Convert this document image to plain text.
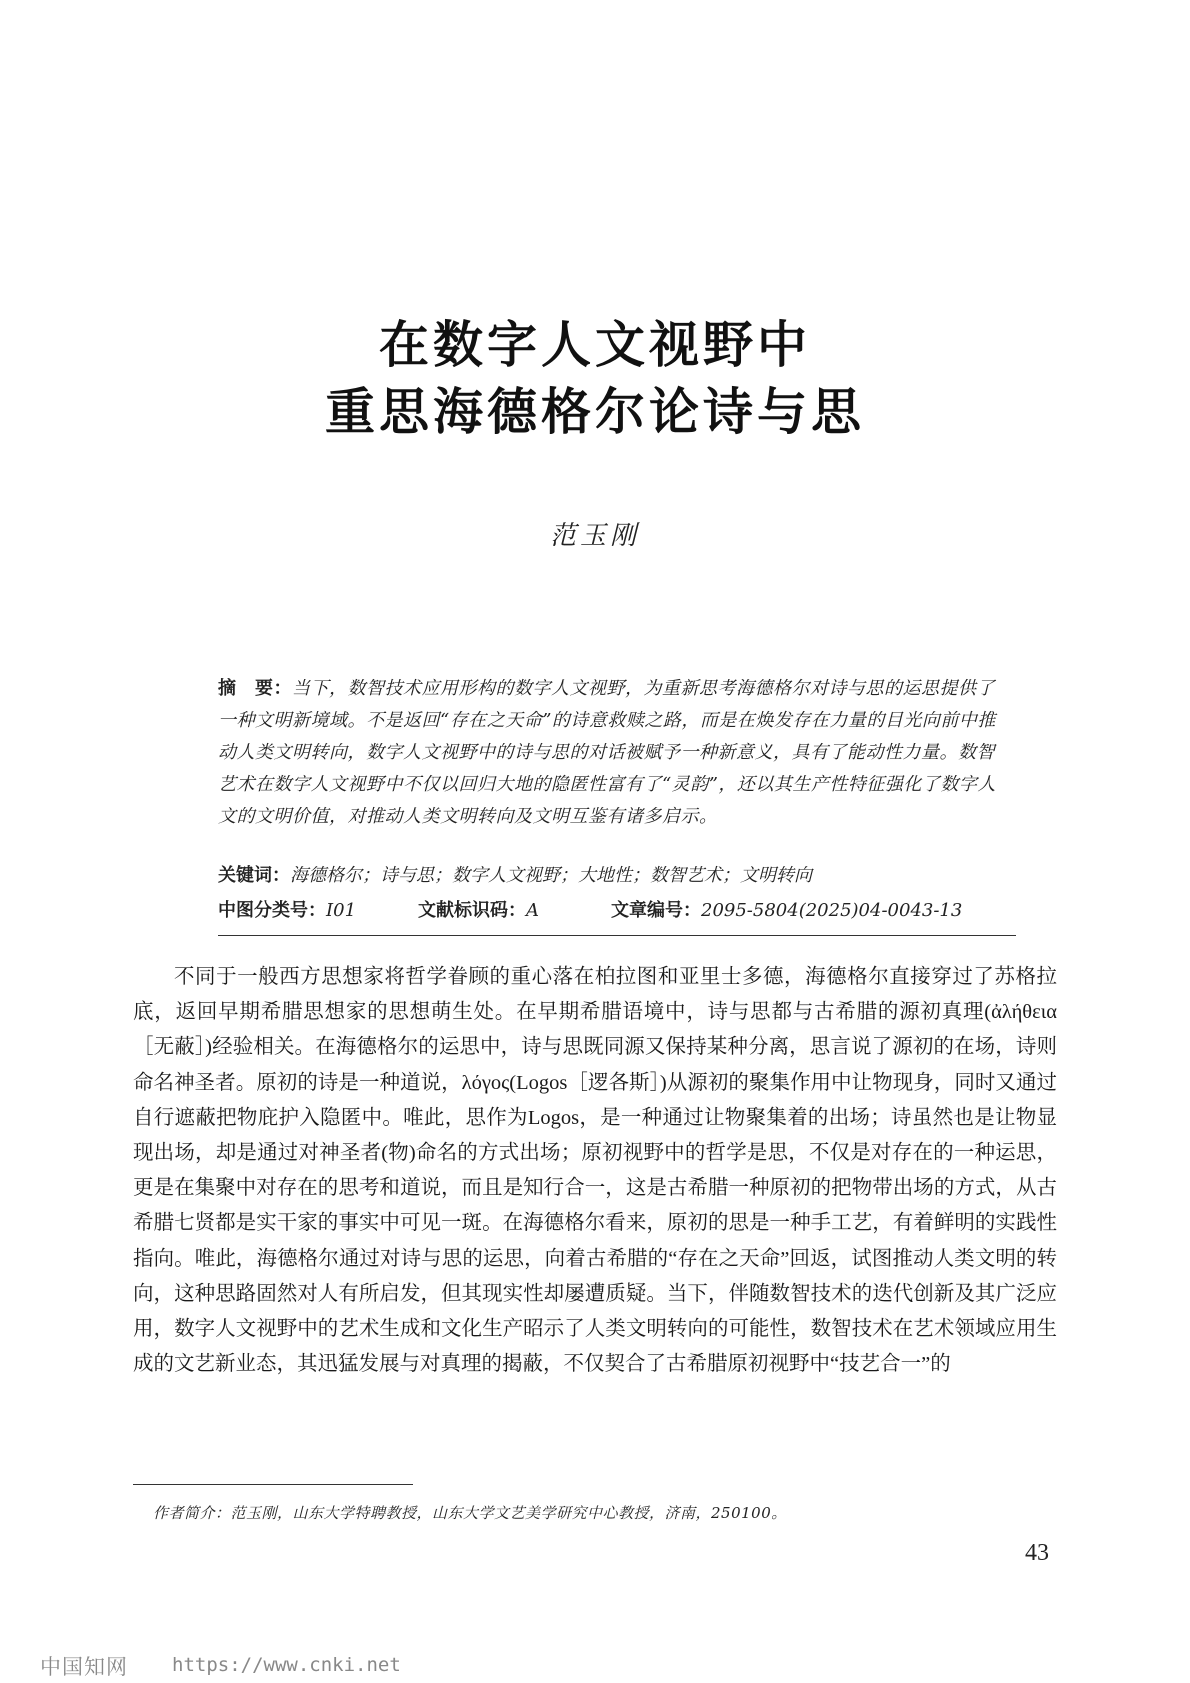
在数字人文视野中
重思海德格尔论诗与思
范玉刚
摘　要：当下，数智技术应用形构的数字人文视野，为重新思考海德格尔对诗与思的运思提供了一种文明新境域。不是返回“存在之天命”的诗意救赎之路，而是在焕发存在力量的目光向前中推动人类文明转向，数字人文视野中的诗与思的对话被赋予一种新意义，具有了能动性力量。数智艺术在数字人文视野中不仅以回归大地的隐匿性富有了“灵韵”，还以其生产性特征强化了数字人文的文明价值，对推动人类文明转向及文明互鉴有诸多启示。
关键词：海德格尔；诗与思；数字人文视野；大地性；数智艺术；文明转向
中图分类号：I01	文献标识码：A	文章编号：2095-5804(2025)04-0043-13
不同于一般西方思想家将哲学眷顾的重心落在柏拉图和亚里士多德，海德格尔直接穿过了苏格拉底，返回早期希腊思想家的思想萌生处。在早期希腊语境中，诗与思都与古希腊的源初真理(ἀλήθεια［无蔽］)经验相关。在海德格尔的运思中，诗与思既同源又保持某种分离，思言说了源初的在场，诗则命名神圣者。原初的诗是一种道说，λόγος(Logos［逻各斯］)从源初的聚集作用中让物现身，同时又通过自行遮蔽把物庇护入隐匿中。唯此，思作为Logos，是一种通过让物聚集着的出场；诗虽然也是让物显现出场，却是通过对神圣者(物)命名的方式出场；原初视野中的哲学是思，不仅是对存在的一种运思，更是在集聚中对存在的思考和道说，而且是知行合一，这是古希腊一种原初的把物带出场的方式，从古希腊七贤都是实干家的事实中可见一斑。在海德格尔看来，原初的思是一种手工艺，有着鲜明的实践性指向。唯此，海德格尔通过对诗与思的运思，向着古希腊的“存在之天命”回返，试图推动人类文明的转向，这种思路固然对人有所启发，但其现实性却屡遭质疑。当下，伴随数智技术的迭代创新及其广泛应用，数字人文视野中的艺术生成和文化生产昭示了人类文明转向的可能性，数智技术在艺术领域应用生成的文艺新业态，其迅猛发展与对真理的揭蔽，不仅契合了古希腊原初视野中“技艺合一”的
作者简介：范玉刚，山东大学特聘教授，山东大学文艺美学研究中心教授，济南，250100。
43
中国知网 https://www.cnki.net
